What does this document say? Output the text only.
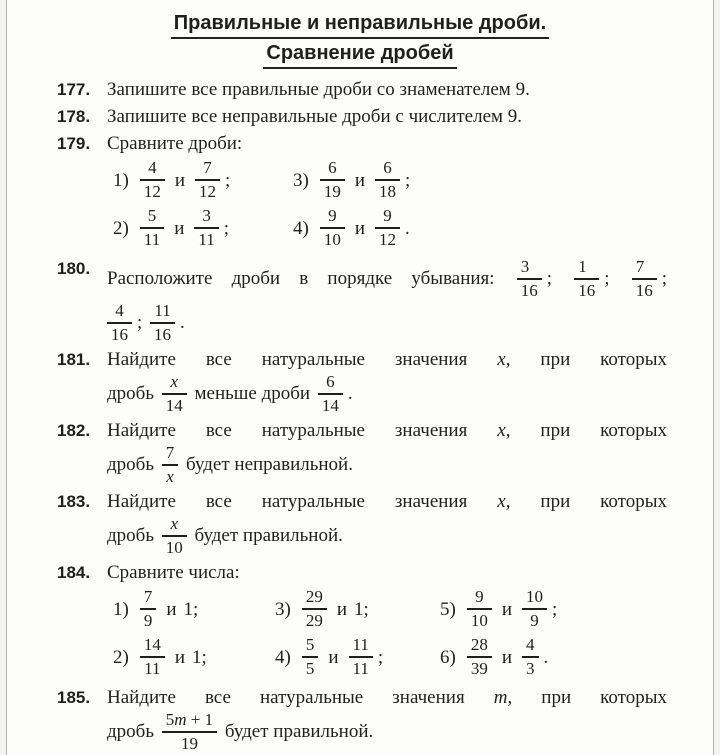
Правильные и неправильные дроби.
Сравнение дробей
177. Запишите все правильные дроби со знаменателем 9.
178. Запишите все неправильные дроби с числителем 9.
179. Сравните дроби:
$1) \frac{4}{12}$ и $\frac{7}{12}$ ;	$3) \frac{6}{19}$ и $\frac{6}{18}$ ;
$2) \frac{5}{11}$ и $\frac{3}{11}$ ;	$4) \frac{9}{10}$ и $\frac{9}{12}$ .
180. Расположите дроби в порядке убывания: $\frac{3}{16}$ ; $\frac{1}{16}$ ; $\frac{7}{16}$ ;
$\frac{4}{16}$ ; $\frac{11}{16}$ .
181. Найдите все натуральные значения x, при которых
дробь $\frac{x}{14}$ меньше дроби $\frac{6}{14}$ .
182. Найдите все натуральные значения x, при которых
дробь $\frac{7}{x}$ будет неправильной.
183. Найдите все натуральные значения x, при которых
дробь $\frac{x}{10}$ будет правильной.
184. Сравните числа:
$1) \frac{7}{9}$ и 1;	$3) \frac{29}{29}$ и 1;	$5) \frac{9}{10}$ и $\frac{10}{9}$ ;
$2) \frac{14}{11}$ и 1;	$4) \frac{5}{5}$ и $\frac{11}{11}$ ;	$6) \frac{28}{39}$ и $\frac{4}{3}$ .
185. Найдите все натуральные значения m, при которых
дробь $\frac{5m + 1}{19}$ будет правильной.
